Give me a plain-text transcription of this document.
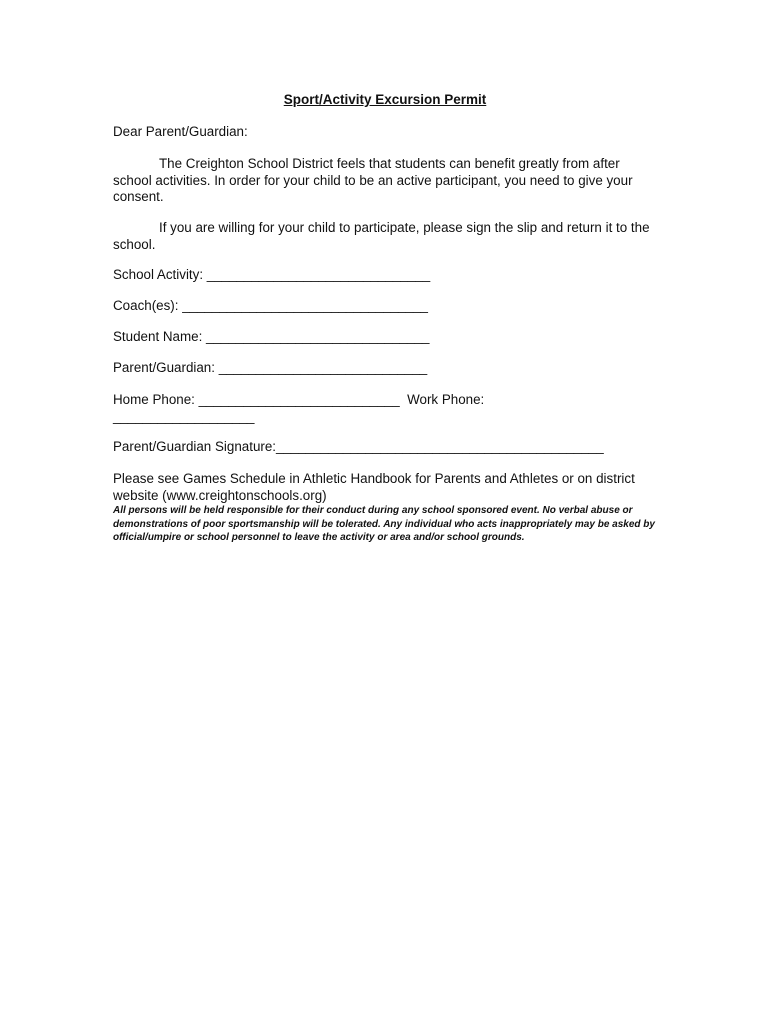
Sport/Activity Excursion Permit
Dear Parent/Guardian:
The Creighton School District feels that students can benefit greatly from after school activities. In order for your child to be an active participant, you need to give your consent.
If you are willing for your child to participate, please sign the slip and return it to the school.
School Activity: ______________________________
Coach(es): _________________________________
Student Name: ______________________________
Parent/Guardian: ____________________________
Home Phone: ___________________________  Work Phone:
___________________
Parent/Guardian Signature:____________________________________________
Please see Games Schedule in Athletic Handbook for Parents and Athletes or on district website (www.creightonschools.org)
All persons will be held responsible for their conduct during any school sponsored event. No verbal abuse or demonstrations of poor sportsmanship will be tolerated. Any individual who acts inappropriately may be asked by official/umpire or school personnel to leave the activity or area and/or school grounds.
